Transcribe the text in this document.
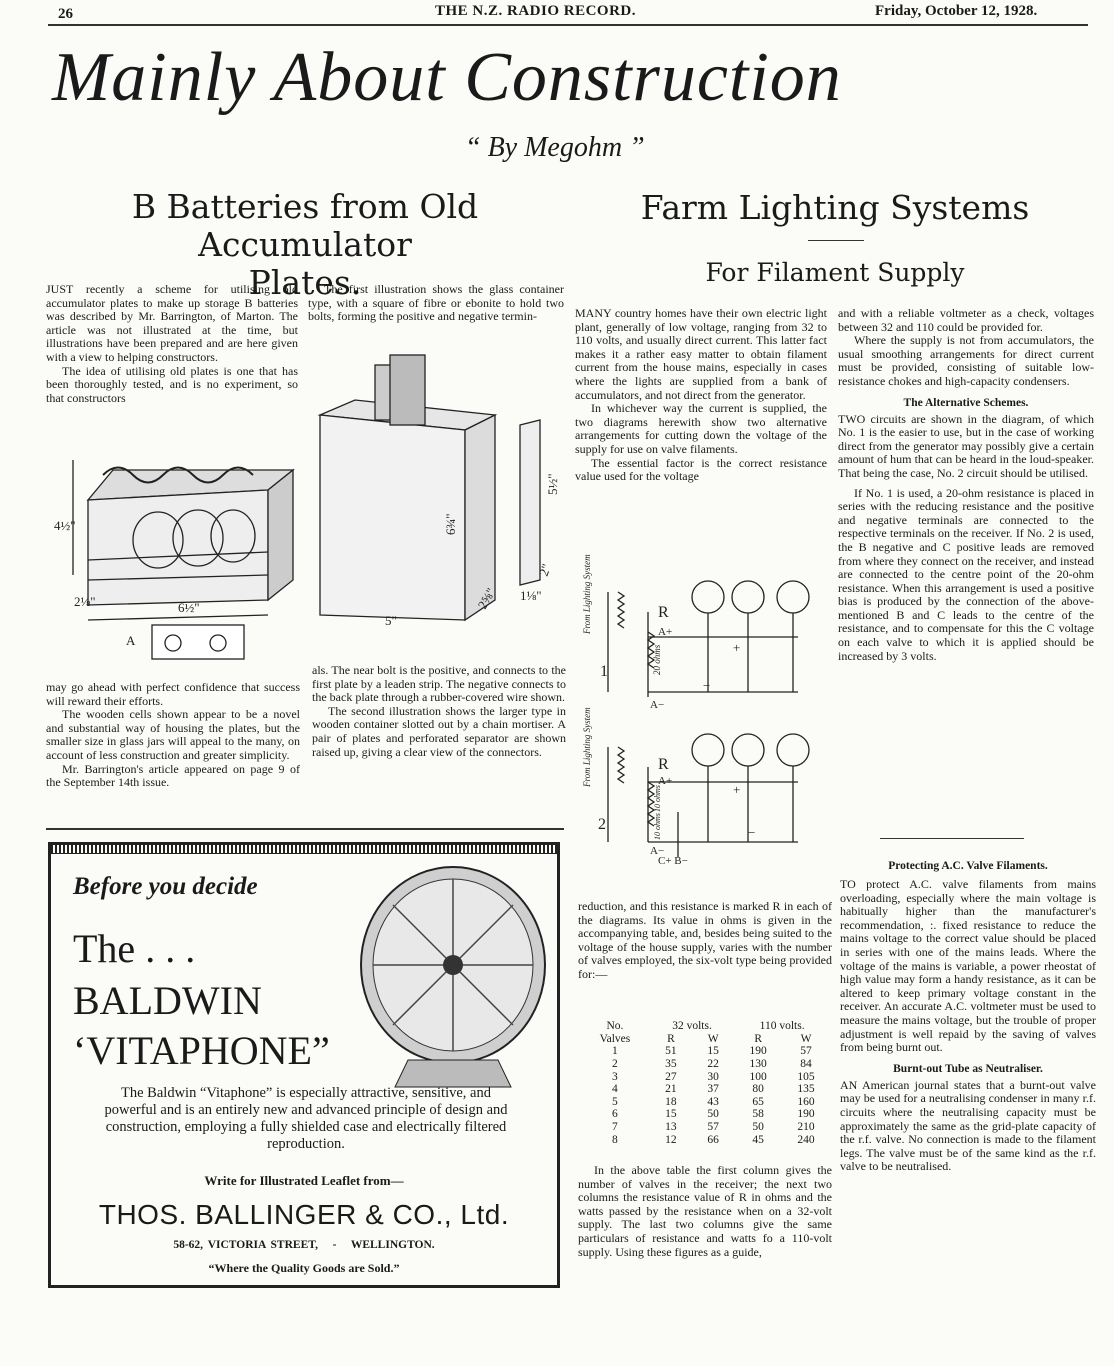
26	THE N.Z. RADIO RECORD.	Friday, October 12, 1928.
Mainly About Construction
“ By Megohm ”
B Batteries from Old Accumulator
Plates.

JUST recently a scheme for utilising old accumulator plates to make up storage B batteries was described by Mr. Barrington, of Marton. The article was not illustrated at the time, but illustrations have been prepared and are here given with a view to helping constructors.

The idea of utilising old plates is one that has been thoroughly tested, and is no experiment, so that constructors

The first illustration shows the glass container type, with a square of fibre or ebonite to hold two bolts, forming the positive and negative termin-

4½"
6½"
2⅛"
A
6¾"
5"
2⅝"
5½"
2"
1⅛"

may go ahead with perfect confidence that success will reward their efforts.

The wooden cells shown appear to be a novel and substantial way of housing the plates, but the smaller size in glass jars will appeal to the many, on account of less construction and greater simplicity.

Mr. Barrington's article appeared on page 9 of the September 14th issue.

als. The near bolt is the positive, and connects to the first plate by a leaden strip. The negative connects to the back plate through a rubber-covered wire shown.

The second illustration shows the larger type in wooden container slotted out by a chain mortiser. A pair of plates and perforated separator are shown raised up, giving a clear view of the connectors.

Farm Lighting Systems
For Filament Supply

MANY country homes have their own electric light plant, generally of low voltage, ranging from 32 to 110 volts, and usually direct current. This latter fact makes it a rather easy matter to obtain filament current from the house mains, especially in cases where the lights are supplied from a bank of accumulators, and not direct from the generator.

In whichever way the current is supplied, the two diagrams herewith show two alternative arrangements for cutting down the voltage of the supply for use on valve filaments.

The essential factor is the correct resistance value used for the voltage

and with a reliable voltmeter as a check, voltages between 32 and 110 could be provided for.

Where the supply is not from accumulators, the usual smoothing arrangements for direct current must be provided, consisting of suitable low-resistance chokes and high-capacity condensers.

The Alternative Schemes.

TWO circuits are shown in the diagram, of which No. 1 is the easier to use, but in the case of working direct from the generator may possibly give a certain amount of hum that can be heard in the loud-speaker. That being the case, No. 2 circuit should be utilised.

If No. 1 is used, a 20-ohm resistance is placed in series with the reducing resistance and the positive and negative terminals are connected to the respective terminals on the receiver. If No. 2 is used, the B negative and C positive leads are removed from where they connect on the receiver, and instead are connected to the centre point of the 20-ohm resistance. When this arrangement is used a positive bias is produced by the connection of the above-mentioned B and C leads to the centre of the resistance, and to compensate for this the C voltage on each valve to which it is applied should be increased by 3 volts.

From Lighting System	R
A+
20 ohms
A−
+
−
1
From Lighting System	R
A+
10 ohms
10 ohms
A−
C+ B−
+
−
2

reduction, and this resistance is marked R in each of the diagrams. Its value in ohms is given in the accompanying table, and, besides being suited to the voltage of the house supply, varies with the number of valves employed, the six-volt type being provided for:—

No.	32 volts.		110 volts.	
Valves	R	W	R	W
1	51	15	190	57
2	35	22	130	84
3	27	30	100	105
4	21	37	80	135
5	18	43	65	160
6	15	50	58	190
7	13	57	50	210
8	12	66	45	240

In the above table the first column gives the number of valves in the receiver; the next two columns the resistance value of R in ohms and the watts passed by the resistance when on a 32-volt supply. The last two columns give the same particulars of resistance and watts fo a 110-volt supply. Using these figures as a guide,

Protecting A.C. Valve Filaments.

TO protect A.C. valve filaments from mains overloading, especially where the main voltage is habitually higher than the manufacturer's recommendation, :. fixed resistance to reduce the mains voltage to the correct value should be placed in series with one of the mains leads. Where the voltage of the mains is variable, a power rheostat of high value may form a handy resistance, as it can be altered to keep primary voltage constant in the receiver. An accurate A.C. voltmeter must be used to measure the mains voltage, but the trouble of proper adjustment is well repaid by the saving of valves from being burnt out.

Burnt-out Tube as Neutraliser.

AN American journal states that a burnt-out valve may be used for a neutralising condenser in many r.f. circuits where the neutralising capacity must be approximately the same as the grid-plate capacity of the r.f. valve. No connection is made to the filament legs. The valve must be of the same kind as the r.f. valve to be neutralised.

Before you decide
The . . .
BALDWIN
‘VITAPHONE”
The Baldwin “Vitaphone” is especially attractive, sensitive, and powerful and is an entirely new and advanced principle of design and construction, employing a fully shielded case and electrically filtered reproduction.
Write for Illustrated Leaflet from—
THOS. BALLINGER & CO., Ltd.
58-62, VICTORIA STREET, - WELLINGTON.
“Where the Quality Goods are Sold.”
